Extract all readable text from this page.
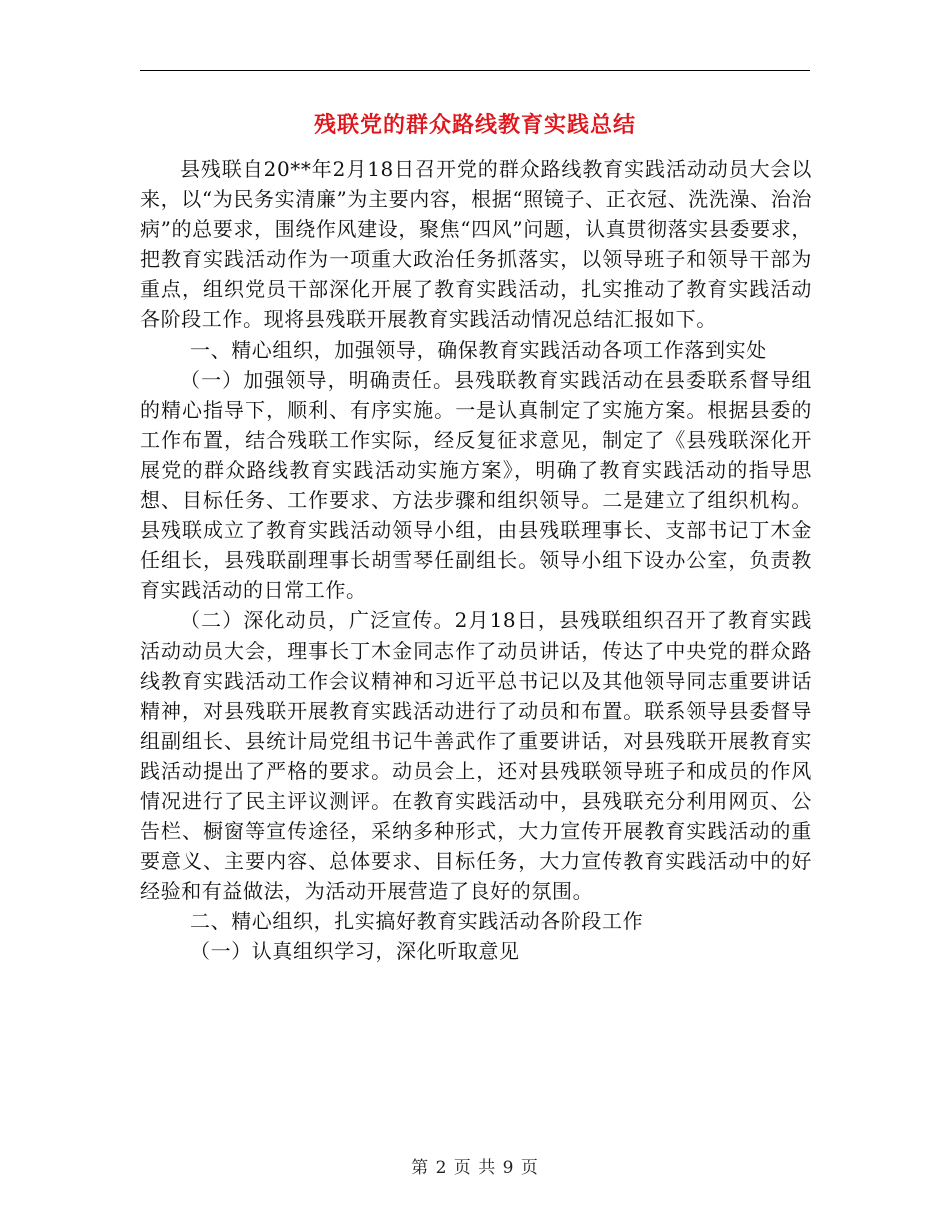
残联党的群众路线教育实践总结

县残联自20**年2月18日召开党的群众路线教育实践活动动员大会以来，以“为民务实清廉”为主要内容，根据“照镜子、正衣冠、洗洗澡、治治病”的总要求，围绕作风建设，聚焦“四风”问题，认真贯彻落实县委要求，把教育实践活动作为一项重大政治任务抓落实，以领导班子和领导干部为重点，组织党员干部深化开展了教育实践活动，扎实推动了教育实践活动各阶段工作。现将县残联开展教育实践活动情况总结汇报如下。

一、精心组织，加强领导，确保教育实践活动各项工作落到实处

（一）加强领导，明确责任。县残联教育实践活动在县委联系督导组的精心指导下，顺利、有序实施。一是认真制定了实施方案。根据县委的工作布置，结合残联工作实际，经反复征求意见，制定了《县残联深化开展党的群众路线教育实践活动实施方案》，明确了教育实践活动的指导思想、目标任务、工作要求、方法步骤和组织领导。二是建立了组织机构。县残联成立了教育实践活动领导小组，由县残联理事长、支部书记丁木金任组长，县残联副理事长胡雪琴任副组长。领导小组下设办公室，负责教育实践活动的日常工作。

（二）深化动员，广泛宣传。2月18日，县残联组织召开了教育实践活动动员大会，理事长丁木金同志作了动员讲话，传达了中央党的群众路线教育实践活动工作会议精神和习近平总书记以及其他领导同志重要讲话精神，对县残联开展教育实践活动进行了动员和布置。联系领导县委督导组副组长、县统计局党组书记牛善武作了重要讲话，对县残联开展教育实践活动提出了严格的要求。动员会上，还对县残联领导班子和成员的作风情况进行了民主评议测评。在教育实践活动中，县残联充分利用网页、公告栏、橱窗等宣传途径，采纳多种形式，大力宣传开展教育实践活动的重要意义、主要内容、总体要求、目标任务，大力宣传教育实践活动中的好经验和有益做法，为活动开展营造了良好的氛围。

二、精心组织，扎实搞好教育实践活动各阶段工作

（一）认真组织学习，深化听取意见

第 2 页 共 9 页
